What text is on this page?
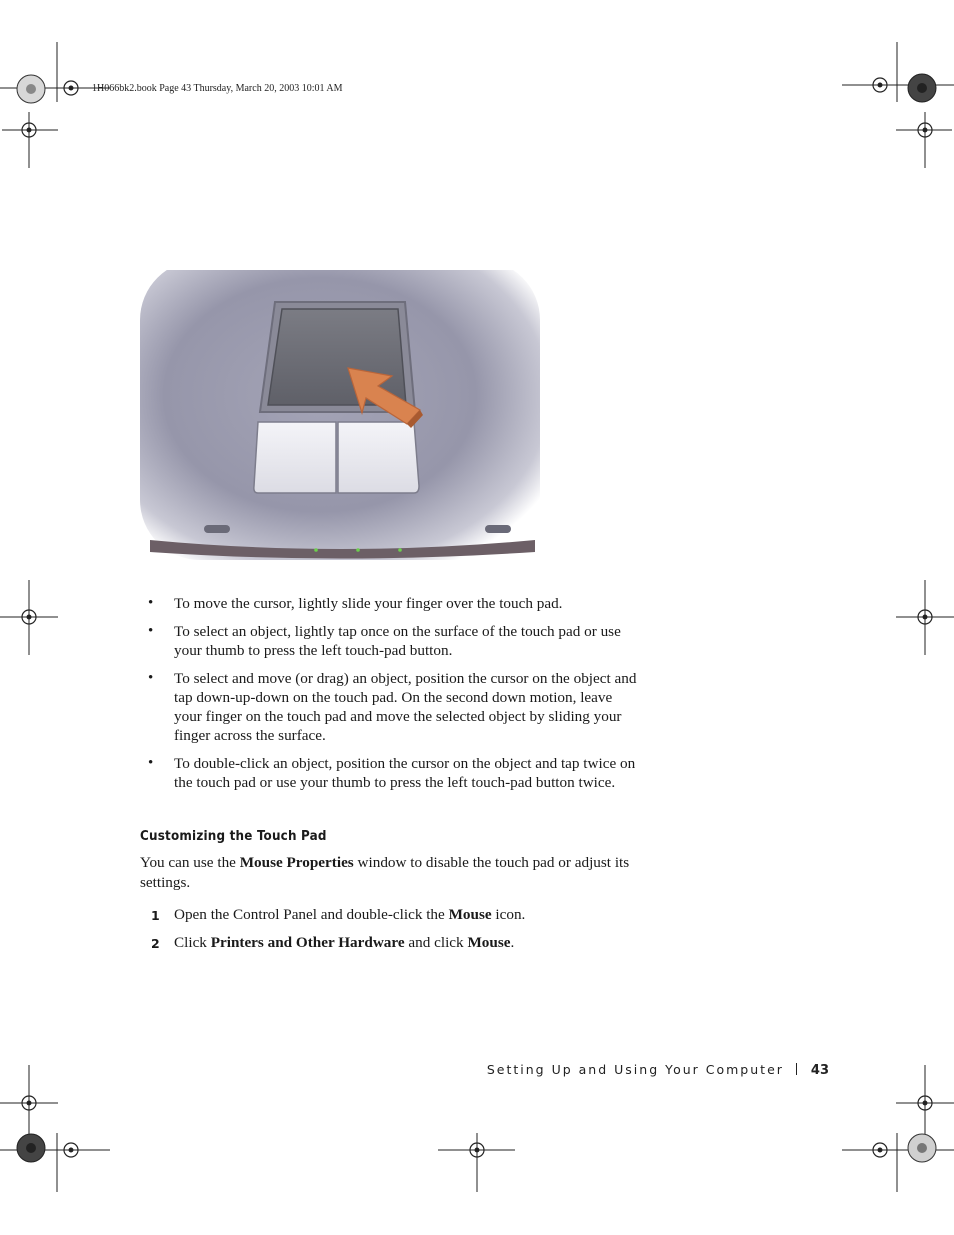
1H066bk2.book Page 43 Thursday, March 20, 2003 10:01 AM
• To move the cursor, lightly slide your finger over the touch pad.
• To select an object, lightly tap once on the surface of the touch pad or use your thumb to press the left touch-pad button.
• To select and move (or drag) an object, position the cursor on the object and tap down-up-down on the touch pad. On the second down motion, leave your finger on the touch pad and move the selected object by sliding your finger across the surface.
• To double-click an object, position the cursor on the object and tap twice on the touch pad or use your thumb to press the left touch-pad button twice.
Customizing the Touch Pad
You can use the Mouse Properties window to disable the touch pad or adjust its settings.
1 Open the Control Panel and double-click the Mouse icon.
2 Click Printers and Other Hardware and click Mouse.
Setting Up and Using Your Computer 43
